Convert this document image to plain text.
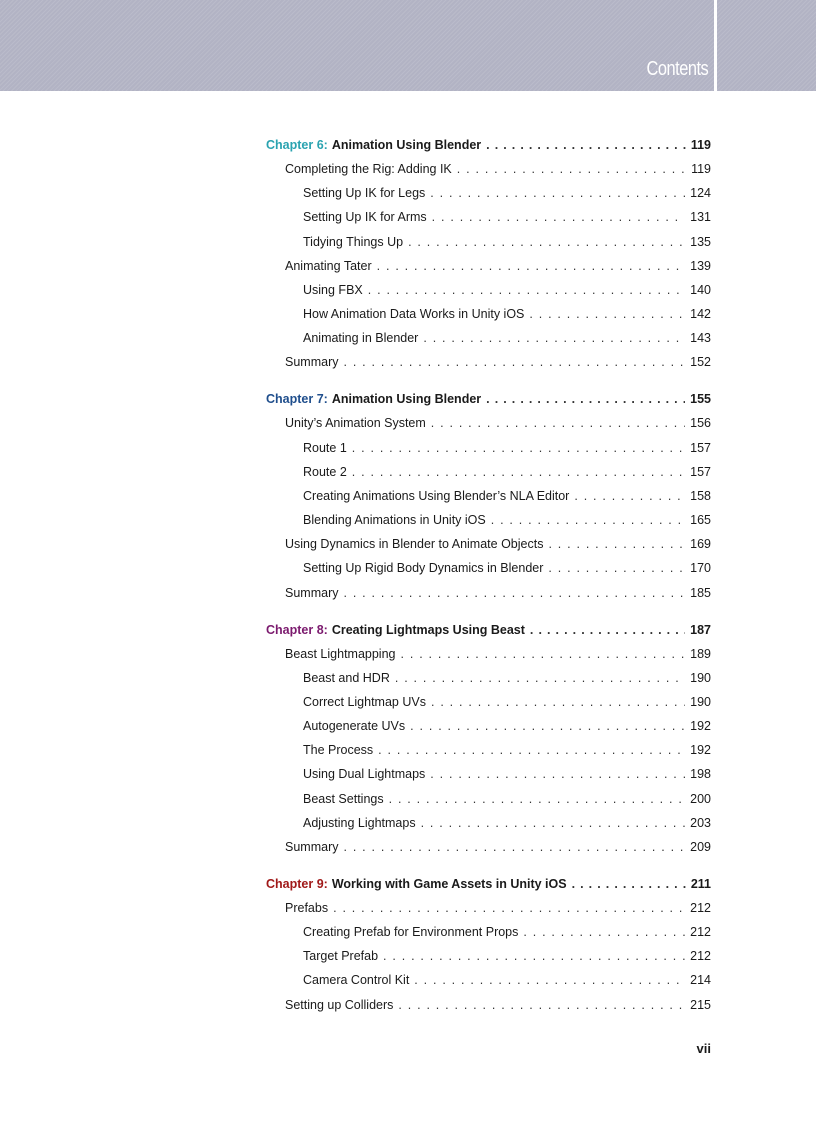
Contents
Chapter 6: Animation Using Blender . . .	119
Completing the Rig: Adding IK . . .	119
Setting Up IK for Legs . . .	124
Setting Up IK for Arms . . .	131
Tidying Things Up . . .	135
Animating Tater . . .	139
Using FBX . . .	140
How Animation Data Works in Unity iOS . . .	142
Animating in Blender . . .	143
Summary . . .	152
Chapter 7: Animation Using Blender . . .	155
Unity’s Animation System . . .	156
Route 1 . . .	157
Route 2 . . .	157
Creating Animations Using Blender’s NLA Editor . . .	158
Blending Animations in Unity iOS . . .	165
Using Dynamics in Blender to Animate Objects . . .	169
Setting Up Rigid Body Dynamics in Blender . . .	170
Summary . . .	185
Chapter 8: Creating Lightmaps Using Beast . . .	187
Beast Lightmapping . . .	189
Beast and HDR . . .	190
Correct Lightmap UVs . . .	190
Autogenerate UVs . . .	192
The Process . . .	192
Using Dual Lightmaps . . .	198
Beast Settings . . .	200
Adjusting Lightmaps . . .	203
Summary . . .	209
Chapter 9: Working with Game Assets in Unity iOS . . .	211
Prefabs . . .	212
Creating Prefab for Environment Props . . .	212
Target Prefab . . .	212
Camera Control Kit . . .	214
Setting up Colliders . . .	215
vii
